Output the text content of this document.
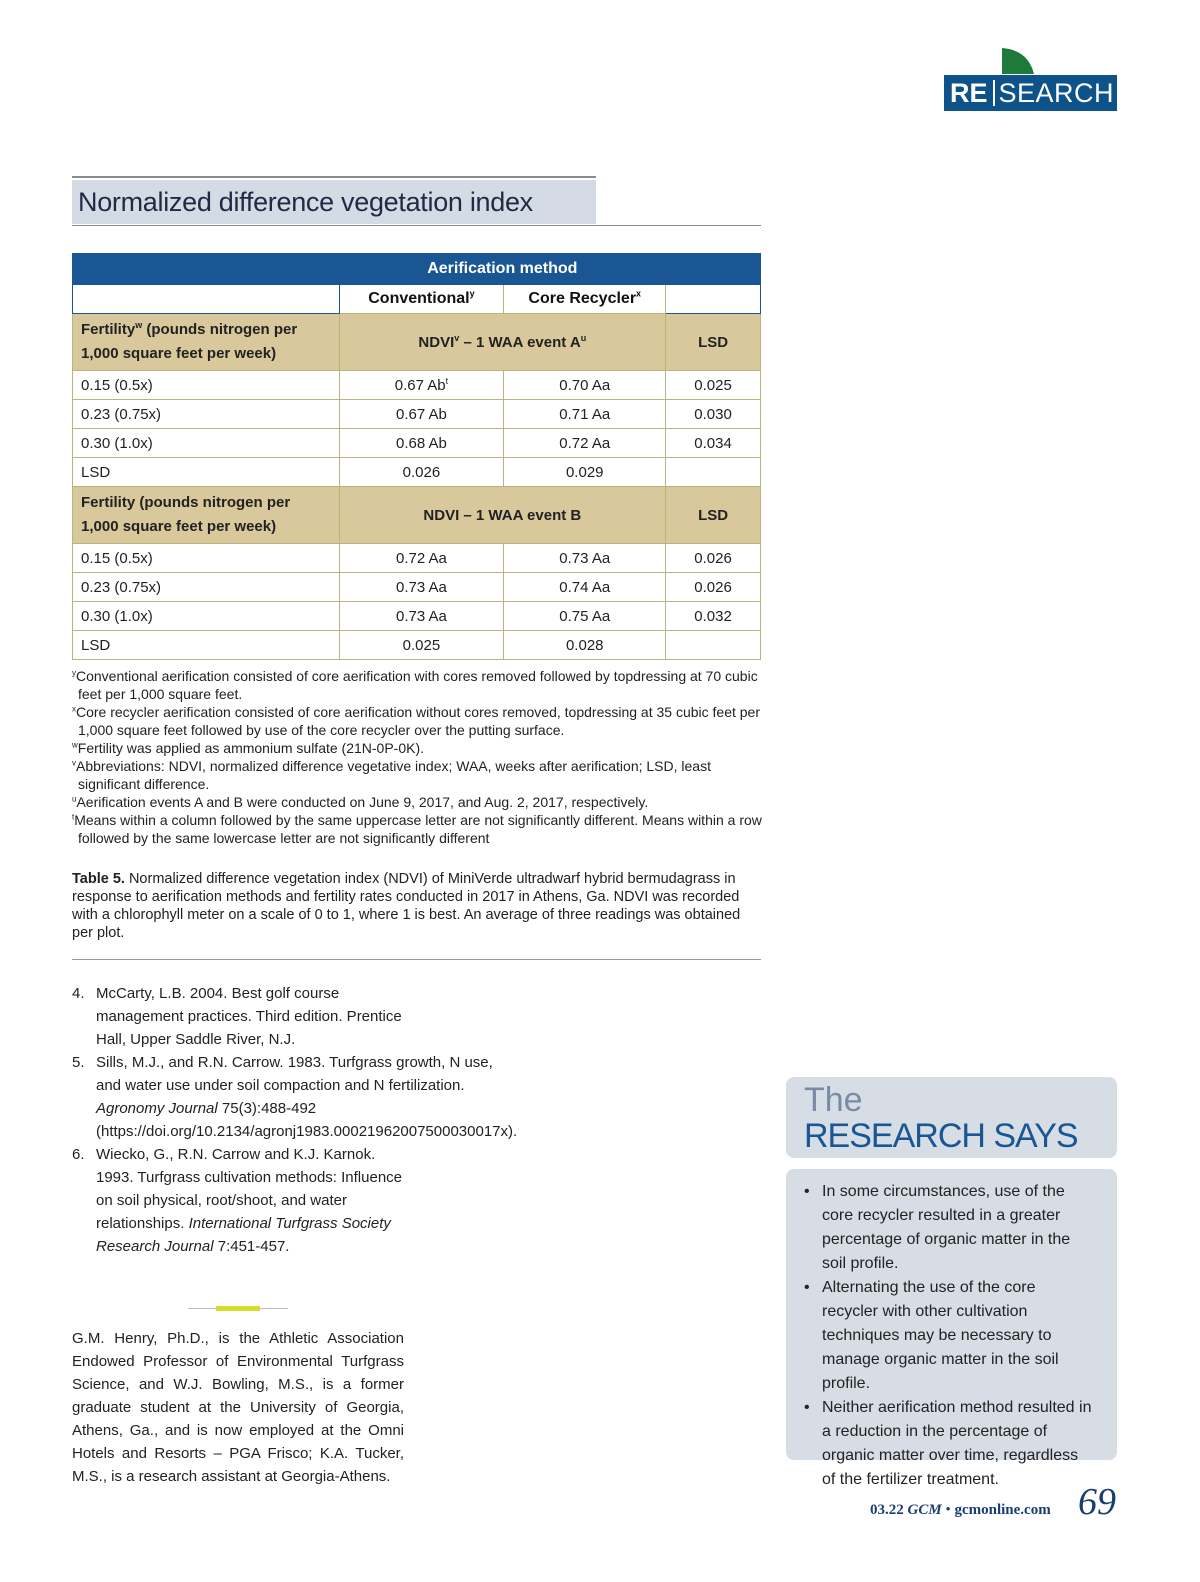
RE SEARCH
Normalized difference vegetation index
	Aerification method		
	Conventional$^y$	Core Recycler$^x$	
Fertility$^w$ (pounds nitrogen per 1,000 square feet per week)	NDVI$^v$ – 1 WAA event $A^u$		LSD
0.15 (0.5x)	0.67 Ab$^t$	0.70 Aa	0.025
0.23 (0.75x)	0.67 Ab	0.71 Aa	0.030
0.30 (1.0x)	0.68 Ab	0.72 Aa	0.034
LSD	0.026	0.029	
Fertility (pounds nitrogen per 1,000 square feet per week)	NDVI – 1 WAA event B		LSD
0.15 (0.5x)	0.72 Aa	0.73 Aa	0.026
0.23 (0.75x)	0.73 Aa	0.74 Aa	0.026
0.30 (1.0x)	0.73 Aa	0.75 Aa	0.032
LSD	0.025	0.028	
$^y$Conventional aerification consisted of core aerification with cores removed followed by topdressing at 70 cubic feet per 1,000 square feet.
$^x$Core recycler aerification consisted of core aerification without cores removed, topdressing at 35 cubic feet per 1,000 square feet followed by use of the core recycler over the putting surface.
$^w$Fertility was applied as ammonium sulfate (21N-0P-0K).
$^v$Abbreviations: NDVI, normalized difference vegetative index; WAA, weeks after aerification; LSD, least significant difference.
$^u$Aerification events A and B were conducted on June 9, 2017, and Aug. 2, 2017, respectively.
$^t$Means within a column followed by the same uppercase letter are not significantly different. Means within a row followed by the same lowercase letter are not significantly different
Table 5. Normalized difference vegetation index (NDVI) of MiniVerde ultradwarf hybrid bermudagrass in response to aerification methods and fertility rates conducted in 2017 in Athens, Ga. NDVI was recorded with a chlorophyll meter on a scale of 0 to 1, where 1 is best. An average of three readings was obtained per plot.
4. McCarty, L.B. 2004. Best golf course management practices. Third edition. Prentice Hall, Upper Saddle River, N.J.
5. Sills, M.J., and R.N. Carrow. 1983. Turfgrass growth, N use, and water use under soil compaction and N fertilization. Agronomy Journal 75(3):488-492 (https://doi.org/10.2134/agronj1983.00021962007500030017x).
6. Wiecko, G., R.N. Carrow and K.J. Karnok. 1993. Turfgrass cultivation methods: Influence on soil physical, root/shoot, and water relationships. International Turfgrass Society Research Journal 7:451-457.
G.M. Henry, Ph.D., is the Athletic Association Endowed Professor of Environmental Turfgrass Science, and W.J. Bowling, M.S., is a former graduate student at the University of Georgia, Athens, Ga., and is now employed at the Omni Hotels and Resorts – PGA Frisco; K.A. Tucker, M.S., is a research assistant at Georgia-Athens.
The
RESEARCH SAYS
• In some circumstances, use of the core recycler resulted in a greater percentage of organic matter in the soil profile.
• Alternating the use of the core recycler with other cultivation techniques may be necessary to manage organic matter in the soil profile.
• Neither aerification method resulted in a reduction in the percentage of organic matter over time, regardless of the fertilizer treatment.
03.22 GCM • gcmonline.com 69
